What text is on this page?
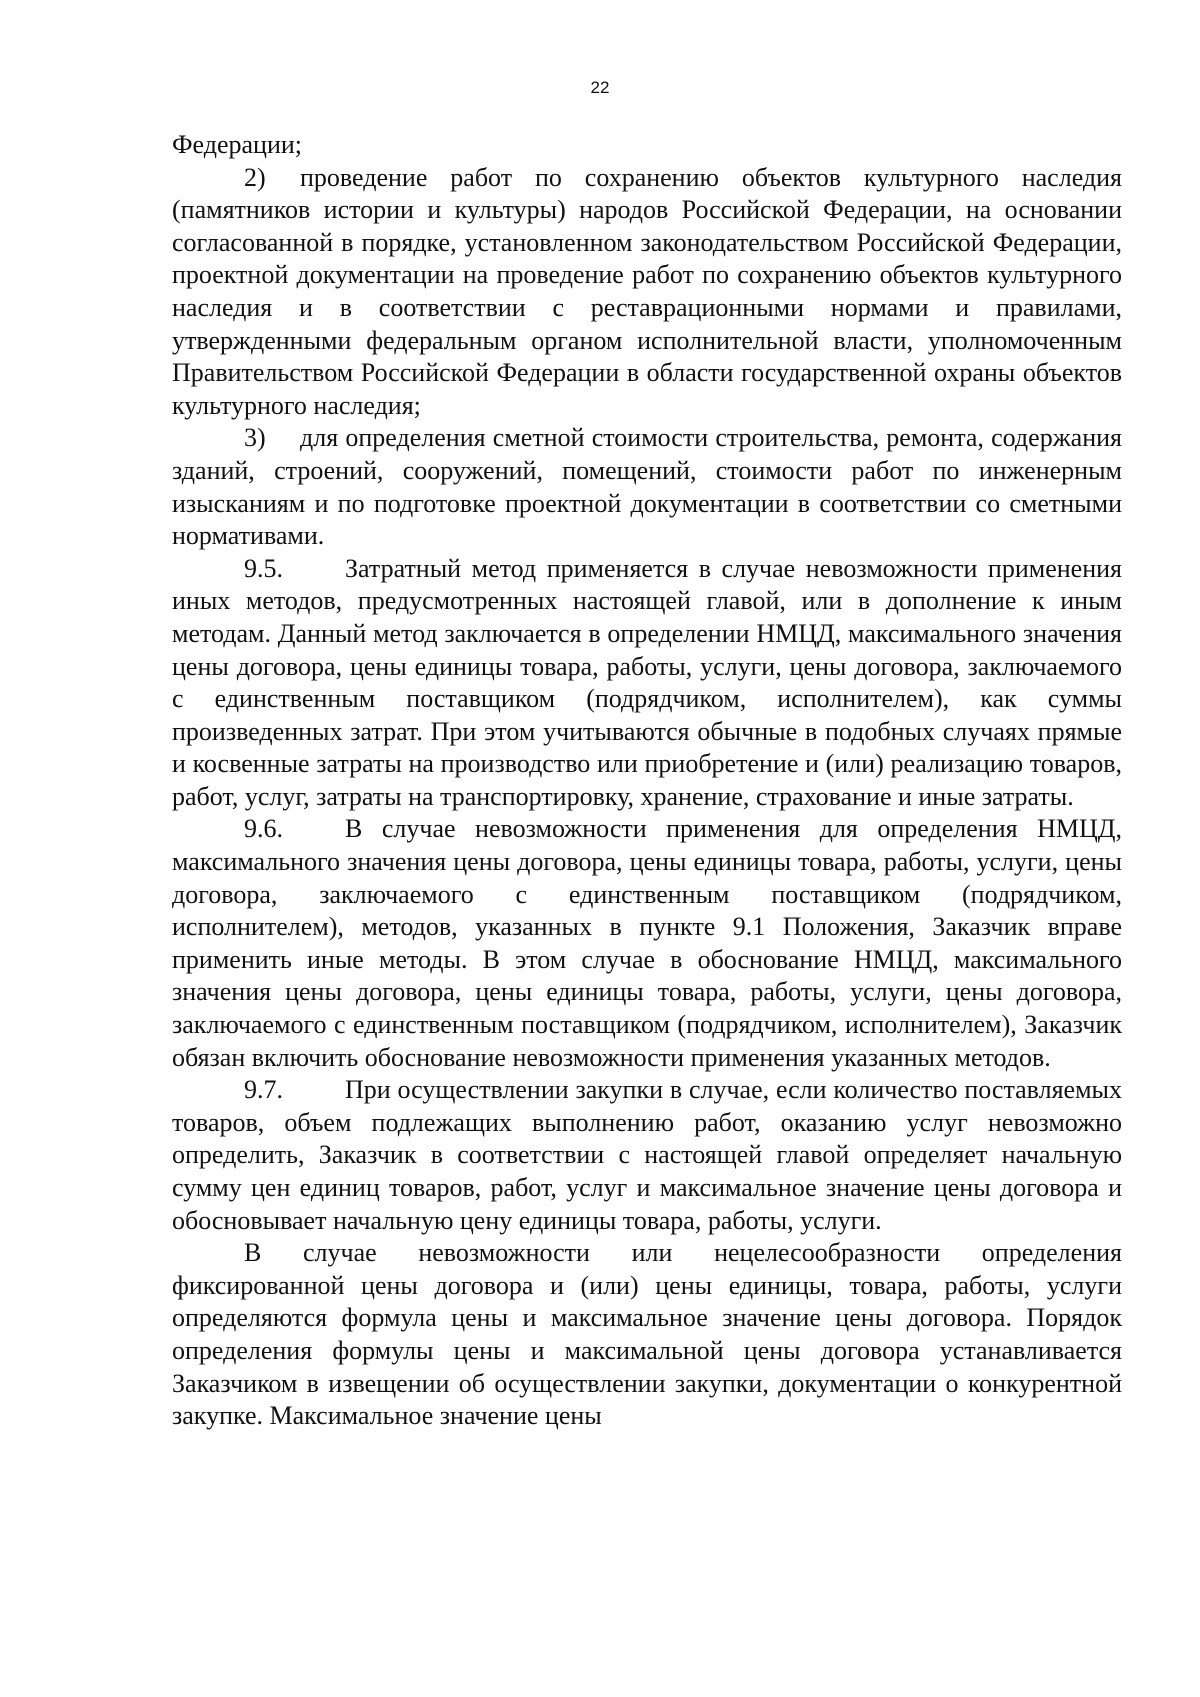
22

Федерации;

2) проведение работ по сохранению объектов культурного наследия (памятников истории и культуры) народов Российской Федерации, на основании согласованной в порядке, установленном законодательством Российской Федерации, проектной документации на проведение работ по сохранению объектов культурного наследия и в соответствии с реставрационными нормами и правилами, утвержденными федеральным органом исполнительной власти, уполномоченным Правительством Российской Федерации в области государственной охраны объектов культурного наследия;

3) для определения сметной стоимости строительства, ремонта, содержания зданий, строений, сооружений, помещений, стоимости работ по инженерным изысканиям и по подготовке проектной документации в соответствии со сметными нормативами.

9.5. Затратный метод применяется в случае невозможности применения иных методов, предусмотренных настоящей главой, или в дополнение к иным методам. Данный метод заключается в определении НМЦД, максимального значения цены договора, цены единицы товара, работы, услуги, цены договора, заключаемого с единственным поставщиком (подрядчиком, исполнителем), как суммы произведенных затрат. При этом учитываются обычные в подобных случаях прямые и косвенные затраты на производство или приобретение и (или) реализацию товаров, работ, услуг, затраты на транспортировку, хранение, страхование и иные затраты.

9.6. В случае невозможности применения для определения НМЦД, максимального значения цены договора, цены единицы товара, работы, услуги, цены договора, заключаемого с единственным поставщиком (подрядчиком, исполнителем), методов, указанных в пункте 9.1 Положения, Заказчик вправе применить иные методы. В этом случае в обоснование НМЦД, максимального значения цены договора, цены единицы товара, работы, услуги, цены договора, заключаемого с единственным поставщиком (подрядчиком, исполнителем), Заказчик обязан включить обоснование невозможности применения указанных методов.

9.7. При осуществлении закупки в случае, если количество поставляемых товаров, объем подлежащих выполнению работ, оказанию услуг невозможно определить, Заказчик в соответствии с настоящей главой определяет начальную сумму цен единиц товаров, работ, услуг и максимальное значение цены договора и обосновывает начальную цену единицы товара, работы, услуги.

В случае невозможности или нецелесообразности определения фиксированной цены договора и (или) цены единицы, товара, работы, услуги определяются формула цены и максимальное значение цены договора. Порядок определения формулы цены и максимальной цены договора устанавливается Заказчиком в извещении об осуществлении закупки, документации о конкурентной закупке. Максимальное значение цены
